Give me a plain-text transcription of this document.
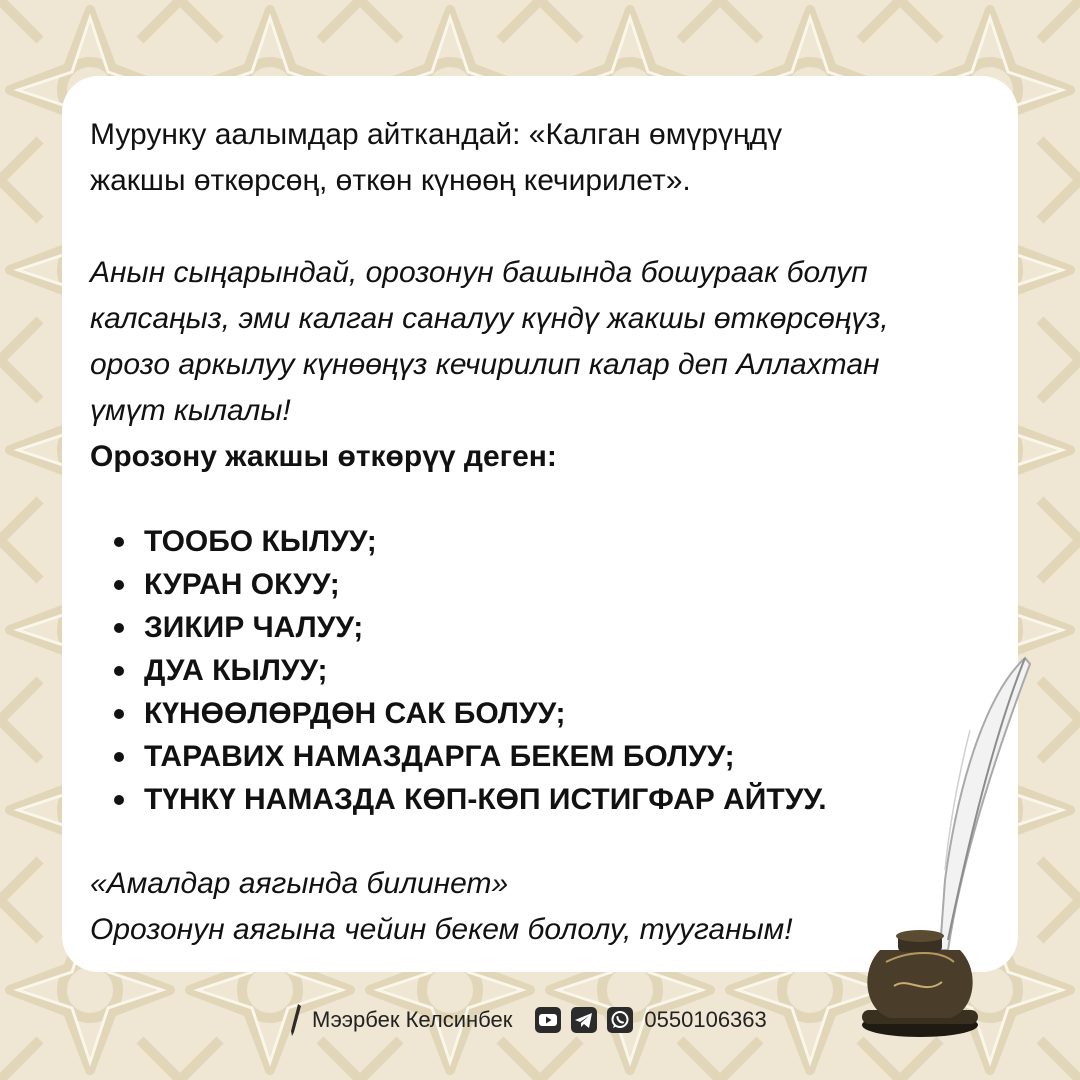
Мурунку аалымдар айткандай: «Калган өмүрүңдү

жакшы өткөрсөң, өткөн күнөөң кечирилет».

Анын сыңарындай, орозонун башында бошураак болуп

калсаңыз, эми калган саналуу күндү жакшы өткөрсөңүз,

орозо аркылуу күнөөңүз кечирилип калар деп Аллахтан

үмүт кылалы!

Орозону жакшы өткөрүү деген:

ТООБО КЫЛУУ;
КУРАН ОКУУ;
ЗИКИР ЧАЛУУ;
ДУА КЫЛУУ;
КҮНӨӨЛӨРДӨН САК БОЛУУ;
ТАРАВИХ НАМАЗДАРГА БЕКЕМ БОЛУУ;
ТҮНКҮ НАМАЗДА КӨП-КӨП ИСТИГФАР АЙТУУ.

«Амалдар аягында билинет»

Орозонун аягына чейин бекем бололу, тууганым!

Мээрбек Келсинбек	0550106363
